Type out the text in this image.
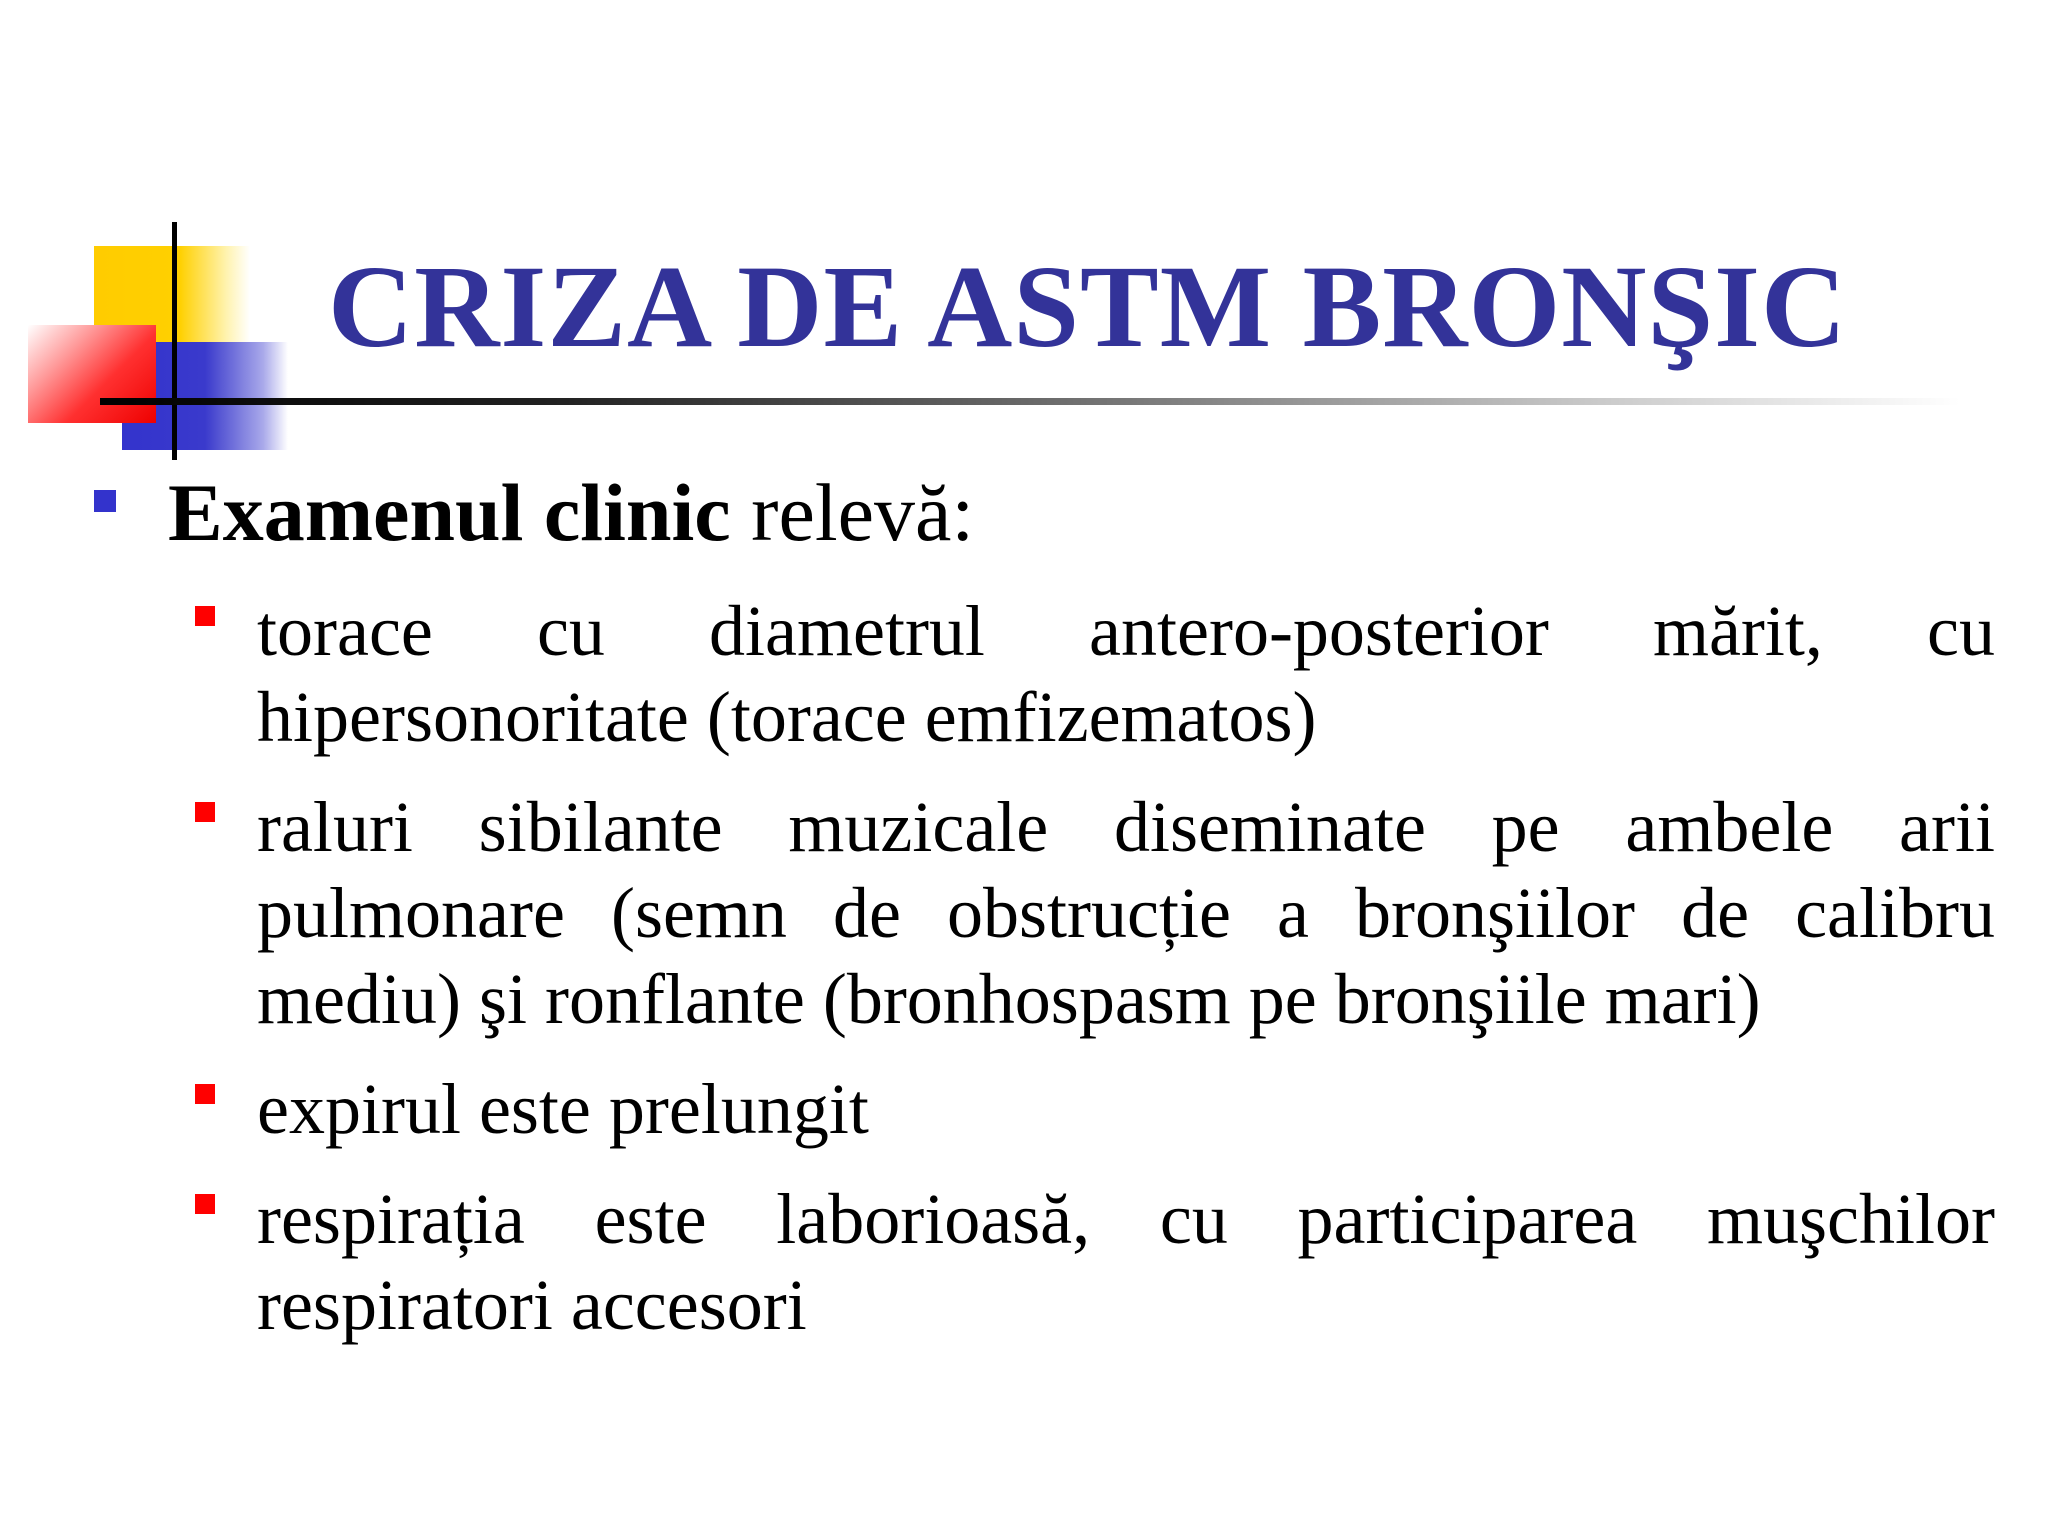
CRIZA DE ASTM BRONŞIC
Examenul clinic relevă:
torace cu diametrul antero-posterior mărit, cu hipersonoritate (torace emfizematos)
raluri sibilante muzicale diseminate pe ambele arii pulmonare (semn de obstrucție a bronşiilor de calibru mediu) şi ronflante (bronhospasm pe bronşiile mari)
expirul este prelungit
respirația este laborioasă, cu participarea muşchilor respiratori accesori
